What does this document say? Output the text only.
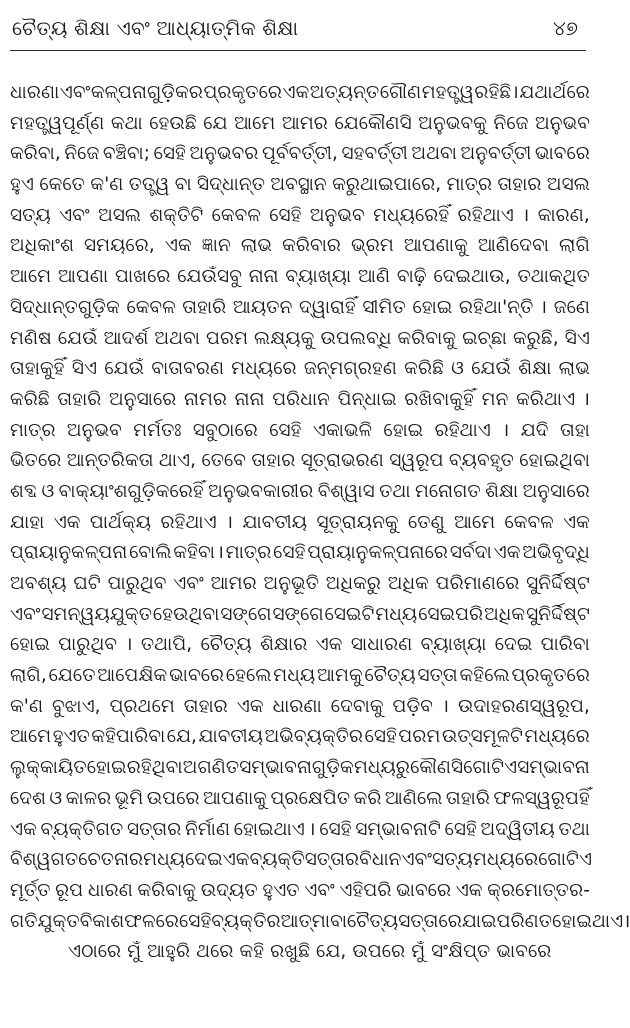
ଚୈତ୍ୟ ଶିକ୍ଷା ଏବଂ ଆଧ୍ୟାତ୍ମିକ ଶିକ୍ଷା	୪୭
ଧାରଣା ଏବଂ କଳ୍ପନାଗୁଡ଼ିକର ପ୍ରକୃତରେ ଏକ ଅତ୍ୟନ୍ତ ଗୌଣ ମହତ୍ତ୍ୱ ରହିଛି । ଯଥାର୍ଥରେ
ମହତ୍ତ୍ୱପୂର୍ଣ୍ଣ କଥା ହେଉଛି ଯେ ଆମେ ଆମର ଯେକୌଣସି ଅନୁଭବକୁ ନିଜେ ଅନୁଭବ
କରିବା, ନିଜେ ବଞ୍ଚିବା; ସେହି ଅନୁଭବର ପୂର୍ବବର୍ତ୍ତୀ, ସହବର୍ତ୍ତୀ ଅଥବା ଅନୁବର୍ତ୍ତୀ ଭାବରେ
ହୁଏ କେତେ କ'ଣ ତତ୍ତ୍ୱ ବା ସିଦ୍ଧାନ୍ତ ଅବସ୍ଥାନ କରୁଥାଇପାରେ, ମାତ୍ର ତାହାର ଅସଲ
ସତ୍ୟ ଏବଂ ଅସଲ ଶକ୍ତିଟି କେବଳ ସେହି ଅନୁଭବ ମଧ୍ୟରେହିଁ ରହିଥାଏ । କାରଣ,
ଅଧିକାଂଶ ସମୟରେ, ଏକ ଜ୍ଞାନ ଲାଭ କରିବାର ଭ୍ରମ ଆପଣାକୁ ଆଣିଦେବା ଲାଗି
ଆମେ ଆପଣା ପାଖରେ ଯେଉଁସବୁ ନାନା ବ୍ୟାଖ୍ୟା ଆଣି ବାଢ଼ି ଦେଇଥାଉ, ତଥାକଥିତ
ସିଦ୍ଧାନ୍ତଗୁଡ଼ିକ କେବଳ ତାହାରି ଆୟତନ ଦ୍ୱାରାହିଁ ସୀମିତ ହୋଇ ରହିଥା'ନ୍ତି । ଜଣେ
ମଣିଷ ଯେଉଁ ଆଦର୍ଶ ଅଥବା ପରମ ଲକ୍ଷ୍ୟକୁ ଉପଲବ୍ଧି କରିବାକୁ ଇଚ୍ଛା କରୁଛି, ସିଏ
ତାହାକୁହିଁ ସିଏ ଯେଉଁ ବାତାବରଣ ମଧ୍ୟରେ ଜନ୍ମଗ୍ରହଣ କରିଛି ଓ ଯେଉଁ ଶିକ୍ଷା ଲାଭ
କରିଛି ତାହାରି ଅନୁସାରେ ନାମର ନାନା ପରିଧାନ ପିନ୍ଧାଇ ରଖିବାକୁହିଁ ମନ କରିଥାଏ ।
ମାତ୍ର ଅନୁଭବ ମର୍ମତଃ ସବୁଠାରେ ସେହି ଏକାଭଳି ହୋଇ ରହିଥାଏ । ଯଦି ତାହା
ଭିତରେ ଆନ୍ତରିକତା ଥାଏ, ତେବେ ତାହାର ସୂତ୍ରାଭରଣ ସ୍ୱରୂପ ବ୍ୟବହୃତ ହୋଇଥିବା
ଶବ୍ଦ ଓ ବାକ୍ୟାଂଶଗୁଡ଼ିକରେହିଁ ଅନୁଭବକାରୀର ବିଶ୍ୱାସ ତଥା ମନୋଗତ ଶିକ୍ଷା ଅନୁସାରେ
ଯାହା ଏକ ପାର୍ଥକ୍ୟ ରହିଥାଏ । ଯାବତୀୟ ସୂତ୍ରାୟନକୁ ତେଣୁ ଆମେ କେବଳ ଏକ
ପ୍ରାୟାନୁକଳ୍ପନା ବୋଲି କହିବା । ମାତ୍ର ସେହି ପ୍ରାୟାନୁକଳ୍ପନାରେ ସର୍ବଦା ଏକ ଅଭିବୃଦ୍ଧି
ଅବଶ୍ୟ ଘଟି ପାରୁଥିବ ଏବଂ ଆମର ଅନୁଭୂତି ଅଧିକରୁ ଅଧିକ ପରିମାଣରେ ସୁନିର୍ଦ୍ଦିଷ୍ଟ
ଏବଂ ସମନ୍ୱୟଯୁକ୍ତ ହେଉଥିବା ସଙ୍ଗେ ସଙ୍ଗେ ସେଇଟି ମଧ୍ୟ ସେଇପରି ଅଧିକ ସୁନିର୍ଦ୍ଦିଷ୍ଟ
ହୋଇ ପାରୁଥିବ । ତଥାପି, ଚୈତ୍ୟ ଶିକ୍ଷାର ଏକ ସାଧାରଣ ବ୍ୟାଖ୍ୟା ଦେଇ ପାରିବା
ଲାଗି, ଯେତେ ଆପେକ୍ଷିକ ଭାବରେ ହେଲେ ମଧ୍ୟ ଆମକୁ ଚୈତ୍ୟ ସତ୍ତା କହିଲେ ପ୍ରକୃତରେ
କ'ଣ ବୁଝାଏ, ପ୍ରଥମେ ତାହାର ଏକ ଧାରଣା ଦେବାକୁ ପଡ଼ିବ । ଉଦାହରଣସ୍ୱରୂପ,
ଆମେ ହୁଏତ କହିପାରିବା ଯେ, ଯାବତୀୟ ଅଭିବ୍ୟକ୍ତିର ସେହି ପରମ ଉତ୍ସମୂଳଟି ମଧ୍ୟରେ
ଲୁକ୍କାୟିତ ହୋଇ ରହିଥିବା ଅଗଣିତ ସମ୍ଭାବନାଗୁଡ଼ିକ ମଧ୍ୟରୁ କୌଣସି ଗୋଟିଏ ସମ୍ଭାବନା
ଦେଶ ଓ କାଳର ଭୂମି ଉପରେ ଆପଣାକୁ ପ୍ରକ୍ଷେପିତ କରି ଆଣିଲେ ତାହାରି ଫଳସ୍ୱରୂପହିଁ
ଏକ ବ୍ୟକ୍ତିଗତ ସତ୍ତାର ନିର୍ମାଣ ହୋଇଥାଏ । ସେହି ସମ୍ଭାବନାଟି ସେହି ଅଦ୍ୱିତୀୟ ତଥା
ବିଶ୍ୱଗତ ଚେତନାର ମଧ୍ୟ ଦେଇ ଏକ ବ୍ୟକ୍ତିସତ୍ତାର ବିଧାନ ଏବଂ ସତ୍ୟ ମଧ୍ୟରେ ଗୋଟିଏ
ମୂର୍ତ୍ତ ରୂପ ଧାରଣ କରିବାକୁ ଉଦ୍ୟତ ହୁଏତ ଏବଂ ଏହିପରି ଭାବରେ ଏକ କ୍ରମୋତ୍ତର-
ଗତିଯୁକ୍ତ ବିକାଶ ଫଳରେ ସେହି ବ୍ୟକ୍ତିର ଆତ୍ମା ବା ଚୈତ୍ୟ ସତ୍ତାରେ ଯାଇ ପରିଣତ ହୋଇଥାଏ ।
ଏଠାରେ ମୁଁ ଆହୁରି ଥରେ କହି ରଖୁଛି ଯେ, ଉପରେ ମୁଁ ସଂକ୍ଷିପ୍ତ ଭାବରେ
